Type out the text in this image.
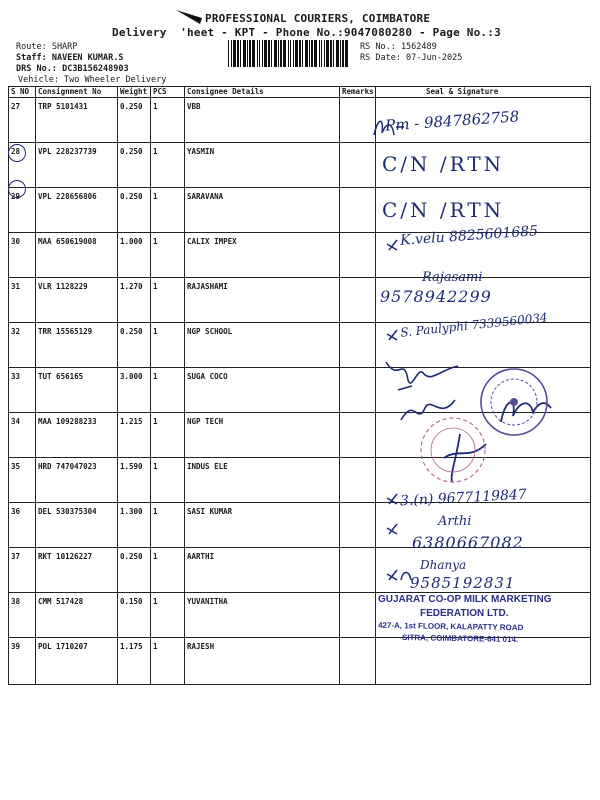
PROFESSIONAL COURIERS, COIMBATORE
Delivery  'heet - KPT - Phone No.:9047080280 - Page No.:3
Route: SHARP
Staff: NAVEEN KUMAR.S
DRS No.: DC3B156248903
Vehicle: Two Wheeler Delivery
RS No.: 1562489
RS Date: 07-Jun-2025
S NO	Consignment No	Weight	PCS	Consignee Details	Remarks	Seal & Signature
27	TRP 5101431	0.250	1	VBB		
28	VPL 228237739	0.250	1	YASMIN		
29	VPL 228656806	0.250	1	SARAVANA		
30	MAA 650619008	1.000	1	CALIX IMPEX		
31	VLR 1128229	1.270	1	RAJASHAMI		
32	TRR 15565129	0.250	1	NGP SCHOOL		
33	TUT 656165	3.000	1	SUGA COCO		
34	MAA 109288233	1.215	1	NGP TECH		
35	HRD 747047023	1.590	1	INDUS ELE		
36	DEL 530375304	1.300	1	SASI KUMAR		
37	RKT 10126227	0.250	1	AARTHI		
38	CMM 517428	0.150	1	YUVANITHA		
39	POL 1710207	1.175	1	RAJESH		
Pm - 9847862758
C/N /RTN
C/N /RTN
K.velu 8825601685
Rajasami
9578942299
S. Paulyphi 7339560034
3.(n) 9677119847
Arthi
6380667082
Dhanya
9585192831
GUJARAT CO-OP MILK MARKETING
FEDERATION LTD.
427-A, 1st FLOOR, KALAPATTY ROAD
SITRA, COIMBATORE-641 014.
